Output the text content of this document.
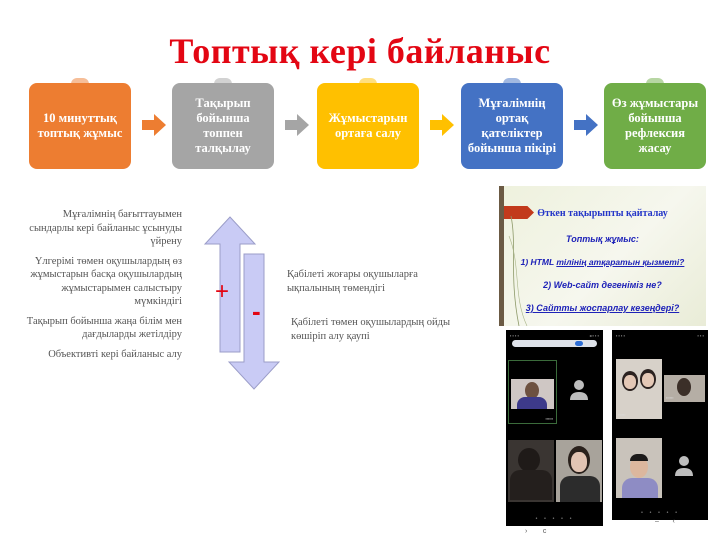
Топтық кері байланыс
10 минуттық топтық жұмыс
Тақырып бойынша топпен талқылау
Жұмыстарын ортаға салу
Мұғалімнің ортақ қателіктер бойынша пікірі
Өз жұмыстары бойынша рефлексия жасау

Мұғалімнің бағыттауымен сындарлы кері байланыс ұсынуды үйрену

Үлгерімі төмен оқушылардың өз жұмыстарын басқа оқушылардың жұмыстарымен салыстыру мүмкіндігі

Тақырып бойынша жаңа білім мен дағдыларды жетілдіру

Объективті кері байланыс алу

+
-

Қабілеті жоғары оқушыларға ықпалының төмендігі

Қабілеті төмен оқушылардың ойды көшіріп алу қаупі

Өткен тақырыпты қайталау
Топтық жұмыс:
1) HTML тілінің атқаратын қызметі?
2) Web-сайт дегеніміз не?
3) Сайтты жоспарлау кезеңдері?
▪ ▪ ▪ ▪	◂ ▪ ▪ ▪
▪▪▪▪▪▪
• • • • •
›        c
▪ ▪ ▪ ▪	▪ ▪ ▪
▪▪▪▪▪▪
▪▪▪▪▪▪
• • • • •
–       ‹
